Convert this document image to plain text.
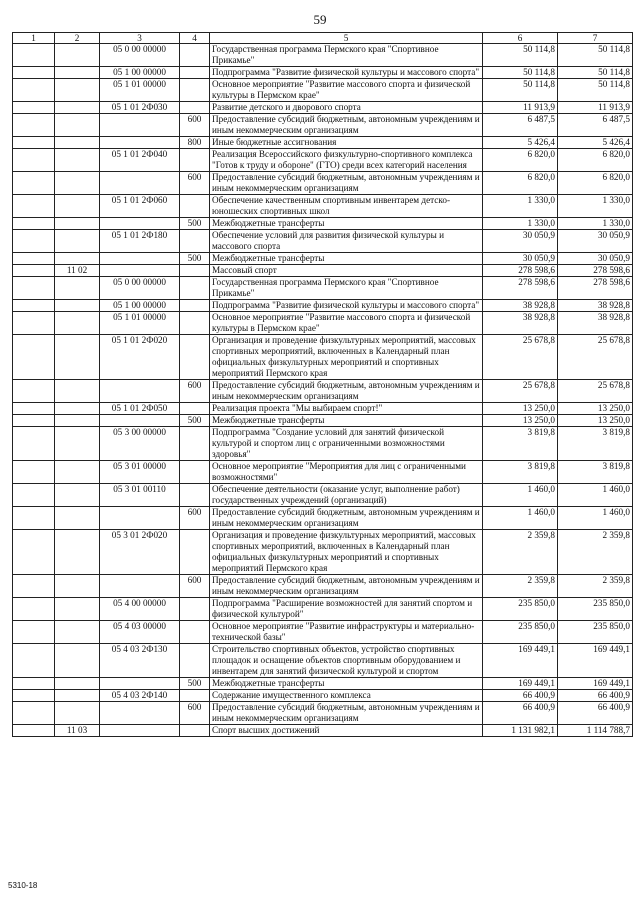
59
1	2	3	4	5	6	7
		05 0 00 00000		Государственная программа Пермского края "Спортивное Прикамье"	50 114,8	50 114,8
		05 1 00 00000		Подпрограмма "Развитие физической культуры и массового спорта"	50 114,8	50 114,8
		05 1 01 00000		Основное мероприятие "Развитие массового спорта и физической культуры в Пермском крае"	50 114,8	50 114,8
		05 1 01 2Ф030		Развитие детского и дворового спорта	11 913,9	11 913,9
			600	Предоставление субсидий бюджетным, автономным учреждениям и иным некоммерческим организациям	6 487,5	6 487,5
			800	Иные бюджетные ассигнования	5 426,4	5 426,4
		05 1 01 2Ф040		Реализация Всероссийского физкультурно-спортивного комплекса "Готов к труду и обороне" (ГТО) среди всех категорий населения	6 820,0	6 820,0
			600	Предоставление субсидий бюджетным, автономным учреждениям и иным некоммерческим организациям	6 820,0	6 820,0
		05 1 01 2Ф060		Обеспечение качественным спортивным инвентарем детско-юношеских спортивных школ	1 330,0	1 330,0
			500	Межбюджетные трансферты	1 330,0	1 330,0
		05 1 01 2Ф180		Обеспечение условий для развития физической культуры и массового спорта	30 050,9	30 050,9
			500	Межбюджетные трансферты	30 050,9	30 050,9
	11 02			Массовый спорт	278 598,6	278 598,6
		05 0 00 00000		Государственная программа Пермского края "Спортивное Прикамье"	278 598,6	278 598,6
		05 1 00 00000		Подпрограмма "Развитие физической культуры и массового спорта"	38 928,8	38 928,8
		05 1 01 00000		Основное мероприятие "Развитие массового спорта и физической культуры в Пермском крае"	38 928,8	38 928,8
		05 1 01 2Ф020		Организация и проведение физкультурных мероприятий, массовых спортивных мероприятий, включенных в Календарный план официальных физкультурных мероприятий и спортивных мероприятий Пермского края	25 678,8	25 678,8
			600	Предоставление субсидий бюджетным, автономным учреждениям и иным некоммерческим организациям	25 678,8	25 678,8
		05 1 01 2Ф050		Реализация проекта "Мы выбираем спорт!"	13 250,0	13 250,0
			500	Межбюджетные трансферты	13 250,0	13 250,0
		05 3 00 00000		Подпрограмма "Создание условий для занятий физической культурой и спортом лиц с ограниченными возможностями здоровья"	3 819,8	3 819,8
		05 3 01 00000		Основное мероприятие "Мероприятия для лиц с ограниченными возможностями"	3 819,8	3 819,8
		05 3 01 00110		Обеспечение деятельности (оказание услуг, выполнение работ) государственных учреждений (организаций)	1 460,0	1 460,0
			600	Предоставление субсидий бюджетным, автономным учреждениям и иным некоммерческим организациям	1 460,0	1 460,0
		05 3 01 2Ф020		Организация и проведение физкультурных мероприятий, массовых спортивных мероприятий, включенных в Календарный план официальных физкультурных мероприятий и спортивных мероприятий Пермского края	2 359,8	2 359,8
			600	Предоставление субсидий бюджетным, автономным учреждениям и иным некоммерческим организациям	2 359,8	2 359,8
		05 4 00 00000		Подпрограмма "Расширение возможностей для занятий спортом и физической культурой"	235 850,0	235 850,0
		05 4 03 00000		Основное мероприятие "Развитие инфраструктуры и материально-технической базы"	235 850,0	235 850,0
		05 4 03 2Ф130		Строительство спортивных объектов, устройство спортивных площадок и оснащение объектов спортивным оборудованием и инвентарем для занятий физической культурой и спортом	169 449,1	169 449,1
			500	Межбюджетные трансферты	169 449,1	169 449,1
		05 4 03 2Ф140		Содержание имущественного комплекса	66 400,9	66 400,9
			600	Предоставление субсидий бюджетным, автономным учреждениям и иным некоммерческим организациям	66 400,9	66 400,9
	11 03			Спорт высших достижений	1 131 982,1	1 114 788,7
5310-18
